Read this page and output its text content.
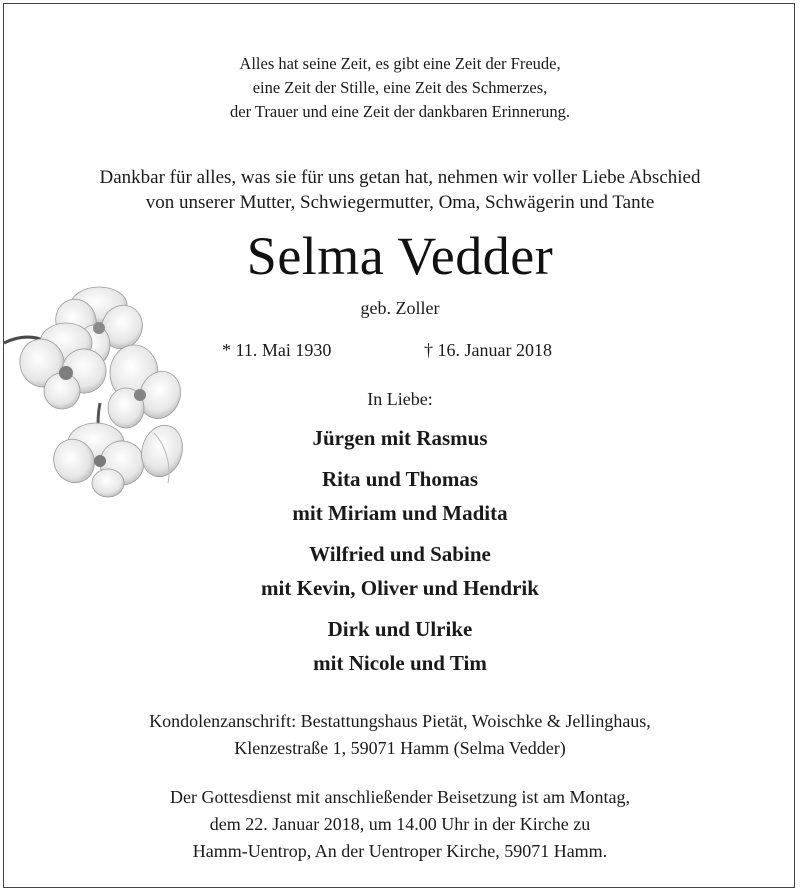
Alles hat seine Zeit, es gibt eine Zeit der Freude,
eine Zeit der Stille, eine Zeit des Schmerzes,
der Trauer und eine Zeit der dankbaren Erinnerung.
Dankbar für alles, was sie für uns getan hat, nehmen wir voller Liebe Abschied
von unserer Mutter, Schwiegermutter, Oma, Schwägerin und Tante
Selma Vedder
geb. Zoller
* 11. Mai 1930	† 16. Januar 2018
In Liebe:
Jürgen mit Rasmus
Rita und Thomas
mit Miriam und Madita
Wilfried und Sabine
mit Kevin, Oliver und Hendrik
Dirk und Ulrike
mit Nicole und Tim
Kondolenzanschrift: Bestattungshaus Pietät, Woischke & Jellinghaus,
Klenzestraße 1, 59071 Hamm (Selma Vedder)
Der Gottesdienst mit anschließender Beisetzung ist am Montag,
dem 22. Januar 2018, um 14.00 Uhr in der Kirche zu
Hamm-Uentrop, An der Uentroper Kirche, 59071 Hamm.
